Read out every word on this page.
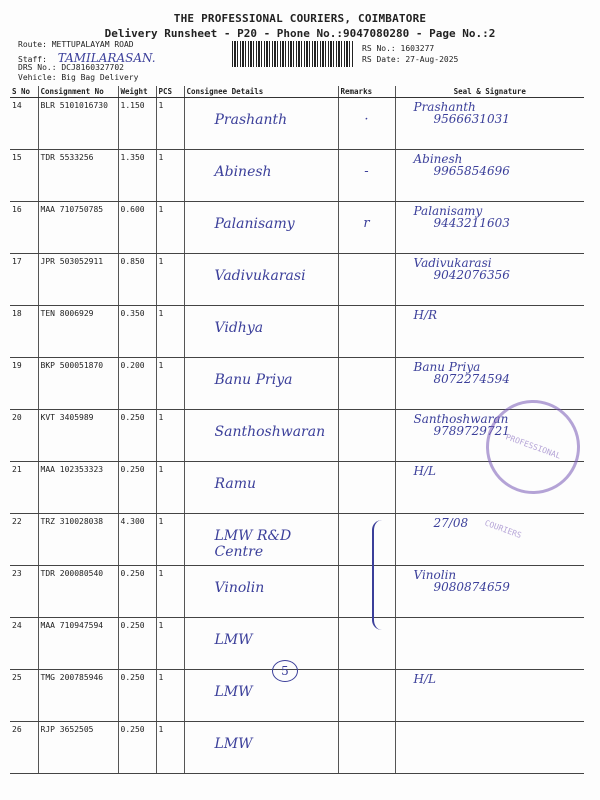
THE PROFESSIONAL COURIERS, COIMBATORE
Delivery Runsheet - P20 - Phone No.:9047080280 - Page No.:2
Route: METTUPALAYAM ROAD
Staff: TAMILARASAN.
DRS No.: DCJ8160327702
Vehicle: Big Bag Delivery
RS No.: 1603277
RS Date: 27-Aug-2025
S No	Consignment No	Weight	PCS	Consignee Details	Remarks	Seal & Signature
14	BLR 5101016730	1.150	1	Prashanth	·	Prashanth
9566631031

15	TDR 5533256	1.350	1	Abinesh	-	Abinesh
9965854696

16	MAA 710750785	0.600	1	Palanisamy	r	Palanisamy
9443211603

17	JPR 503052911	0.850	1	Vadivukarasi		Vadivukarasi
9042076356

18	TEN 8006929	0.350	1	Vidhya		H/R

19	BKP 500051870	0.200	1	Banu Priya		Banu Priya
8072274594

20	KVT 3405989	0.250	1	Santhoshwaran		Santhoshwaran
9789729721

21	MAA 102353323	0.250	1	Ramu		H/L

22	TRZ 310028038	4.300	1	LMW R&D Centre		27/08

23	TDR 200080540	0.250	1	Vinolin		Vinolin
9080874659

24	MAA 710947594	0.250	1	LMW		

25	TMG 200785946	0.250	1	LMW		H/L

26	RJP 3652505	0.250	1	LMW		
PROFESSIONAL COURIERS
5
